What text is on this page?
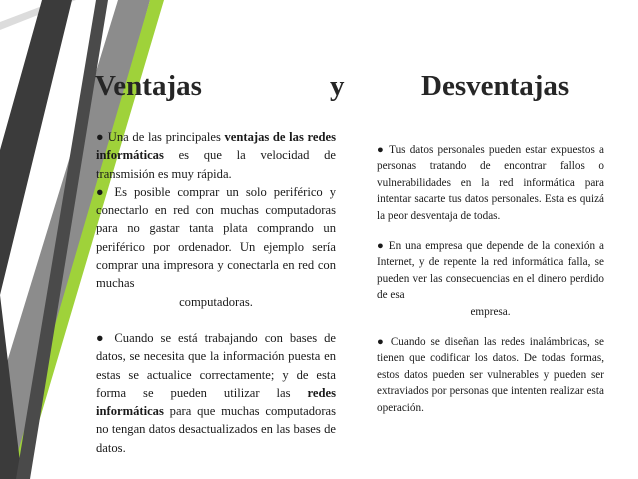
Ventajas	y	Desventajas

● Una de las principales ventajas de las redes informáticas es que la velocidad de transmisión es muy rápida.

● Es posible comprar un solo periférico y conectarlo en red con muchas computadoras para no gastar tanta plata comprando un periférico por ordenador. Un ejemplo sería comprar una impresora y conectarla en red con muchas

computadoras.

● Cuando se está trabajando con bases de datos, se necesita que la información puesta en estas se actualice correctamente; y de esta forma se pueden utilizar las redes informáticas para que muchas computadoras no tengan datos desactualizados en las bases de datos.

● Tus datos personales pueden estar expuestos a personas tratando de encontrar fallos o vulnerabilidades en la red informática para intentar sacarte tus datos personales. Esta es quizá la peor desventaja de todas.

● En una empresa que depende de la conexión a Internet, y de repente la red informática falla, se pueden ver las consecuencias en el dinero perdido de esa

empresa.

● Cuando se diseñan las redes inalámbricas, se tienen que codificar los datos. De todas formas, estos datos pueden ser vulnerables y pueden ser extraviados por personas que intenten realizar esta operación.
